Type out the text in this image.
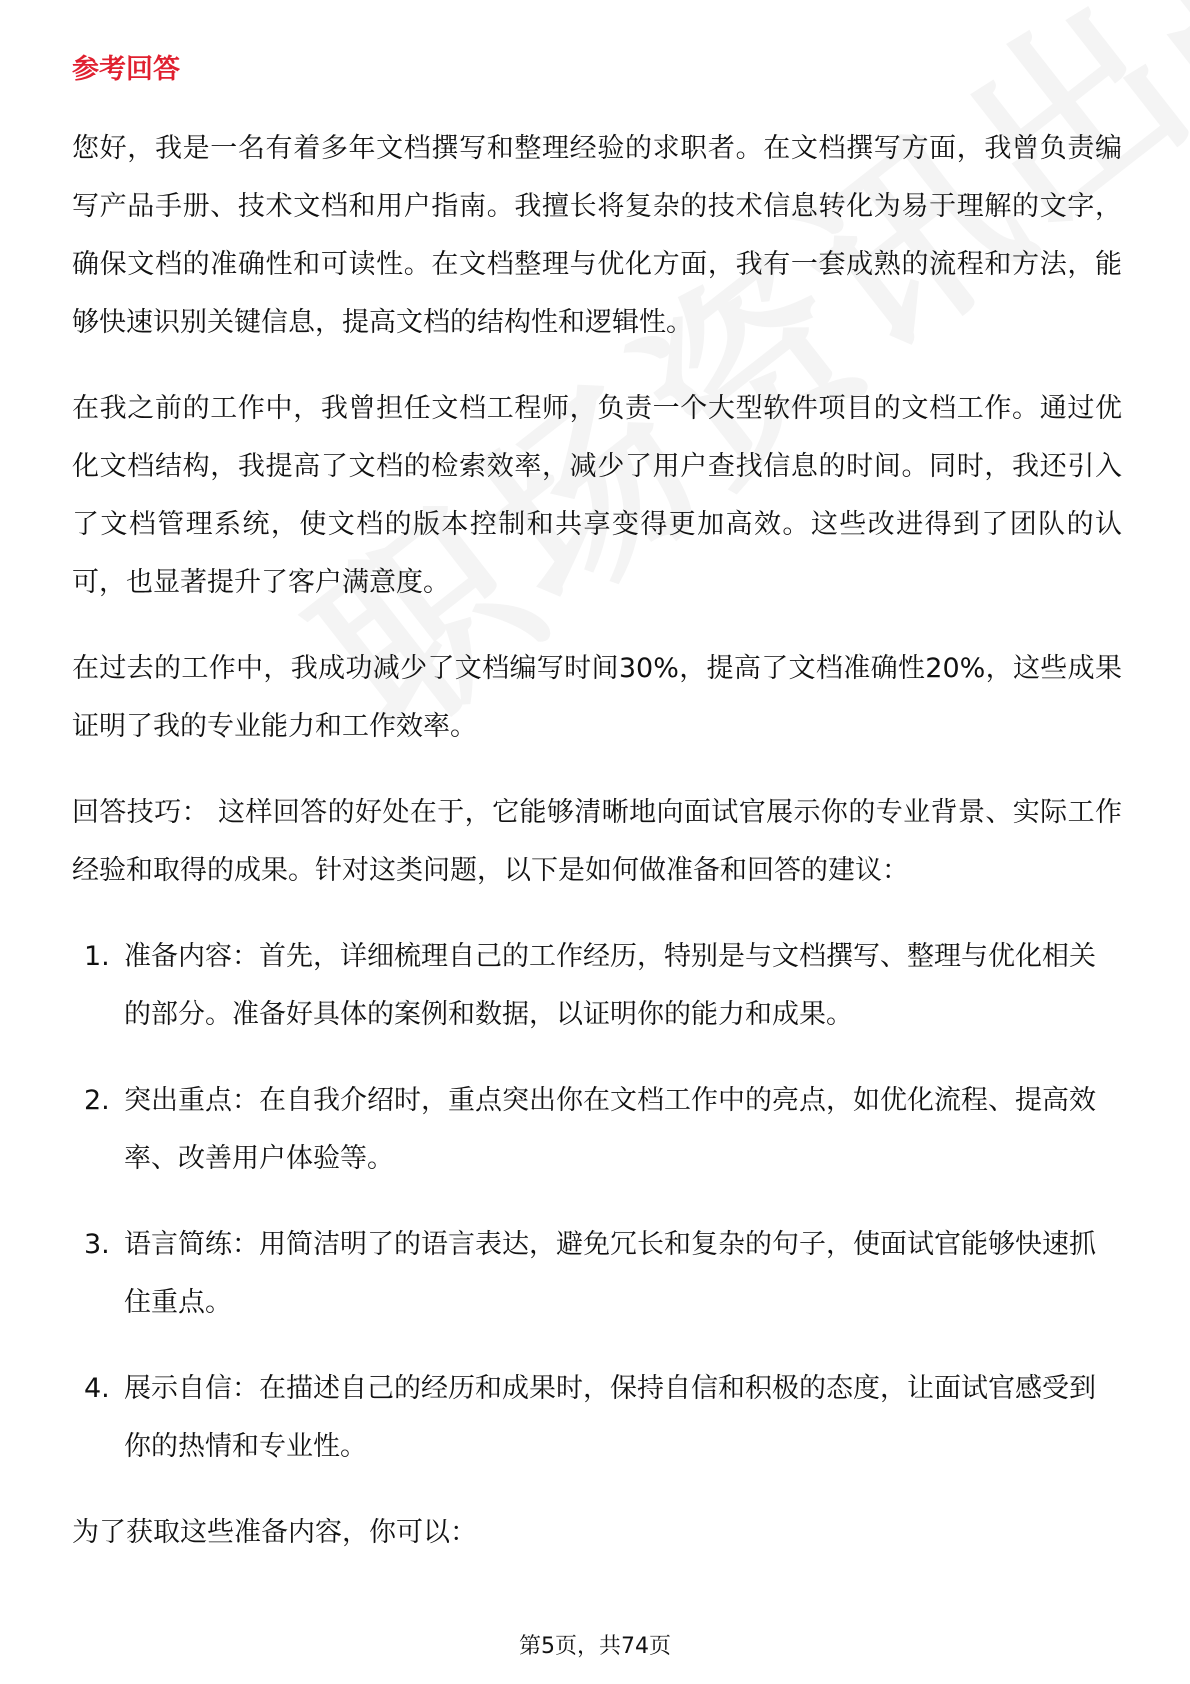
参考回答

您好，我是一名有着多年文档撰写和整理经验的求职者。在文档撰写方面，我曾负责编写产品手册、技术文档和用户指南。我擅长将复杂的技术信息转化为易于理解的文字，确保文档的准确性和可读性。在文档整理与优化方面，我有一套成熟的流程和方法，能够快速识别关键信息，提高文档的结构性和逻辑性。

在我之前的工作中，我曾担任文档工程师，负责一个大型软件项目的文档工作。通过优化文档结构，我提高了文档的检索效率，减少了用户查找信息的时间。同时，我还引入了文档管理系统，使文档的版本控制和共享变得更加高效。这些改进得到了团队的认可，也显著提升了客户满意度。

在过去的工作中，我成功减少了文档编写时间30%，提高了文档准确性20%，这些成果证明了我的专业能力和工作效率。

回答技巧： 这样回答的好处在于，它能够清晰地向面试官展示你的专业背景、实际工作经验和取得的成果。针对这类问题，以下是如何做准备和回答的建议：

1. 准备内容：首先，详细梳理自己的工作经历，特别是与文档撰写、整理与优化相关的部分。准备好具体的案例和数据，以证明你的能力和成果。
2. 突出重点：在自我介绍时，重点突出你在文档工作中的亮点，如优化流程、提高效率、改善用户体验等。
3. 语言简练：用简洁明了的语言表达，避免冗长和复杂的句子，使面试官能够快速抓住重点。
4. 展示自信：在描述自己的经历和成果时，保持自信和积极的态度，让面试官感受到你的热情和专业性。

为了获取这些准备内容，你可以：

第5页，共74页
